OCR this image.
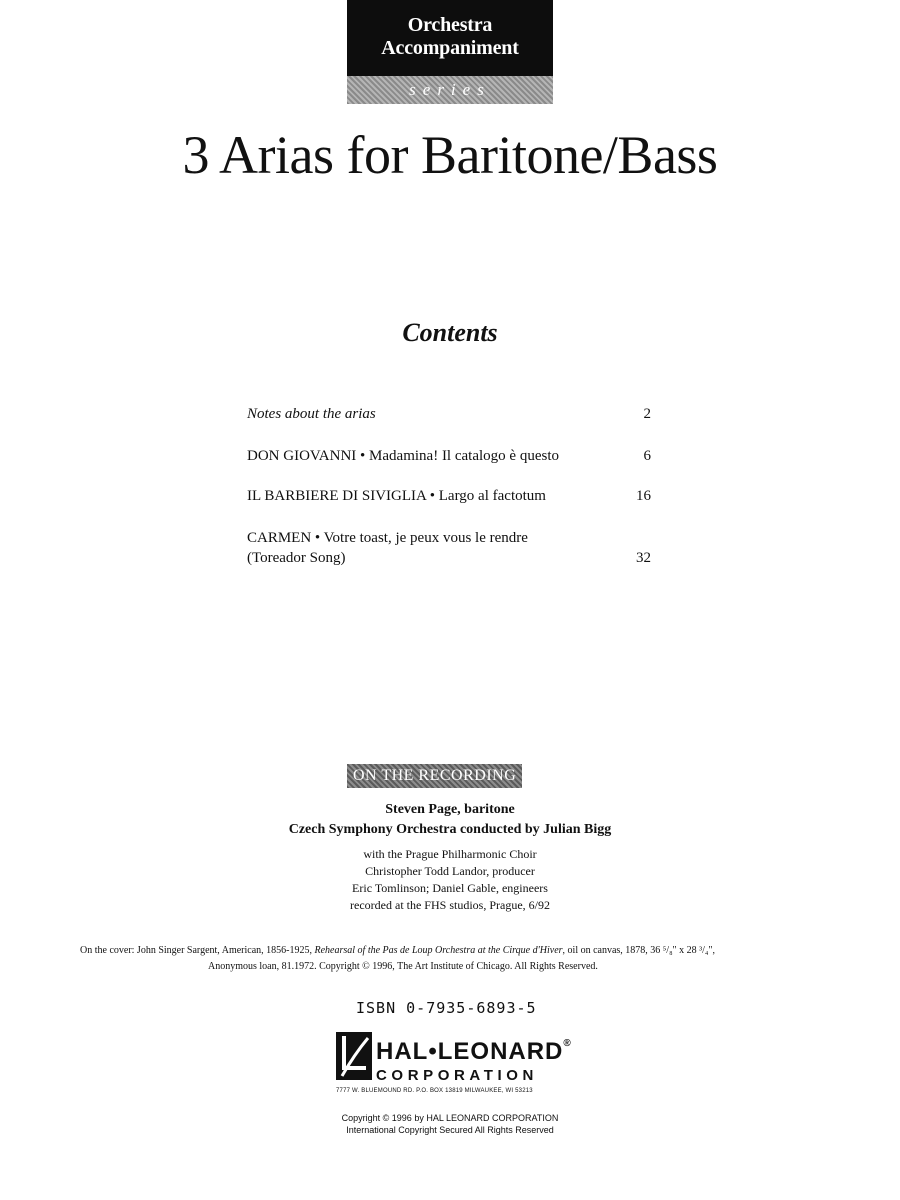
Orchestra
Accompaniment
series
3 Arias for Baritone/Bass
Contents
Notes about the arias	2
DON GIOVANNI • Madamina! Il catalogo è questo	6
IL BARBIERE DI SIVIGLIA • Largo al factotum	16
CARMEN • Votre toast, je peux vous le rendre
(Toreador Song)	32
ON THE RECORDING
Steven Page, baritone
Czech Symphony Orchestra conducted by Julian Bigg
with the Prague Philharmonic Choir
Christopher Todd Landor, producer
Eric Tomlinson; Daniel Gable, engineers
recorded at the FHS studios, Prague, 6/92
On the cover: John Singer Sargent, American, 1856-1925, Rehearsal of the Pas de Loup Orchestra at the Cirque d'Hiver, oil on canvas, 1878, 36 ⁵/₈" x 28 ³/₄",
Anonymous loan, 81.1972. Copyright © 1996, The Art Institute of Chicago. All Rights Reserved.
ISBN 0-7935-6893-5
HAL•LEONARD®
CORPORATION
7777 W. BLUEMOUND RD. P.O. BOX 13819 MILWAUKEE, WI 53213
Copyright © 1996 by HAL LEONARD CORPORATION
International Copyright Secured All Rights Reserved
